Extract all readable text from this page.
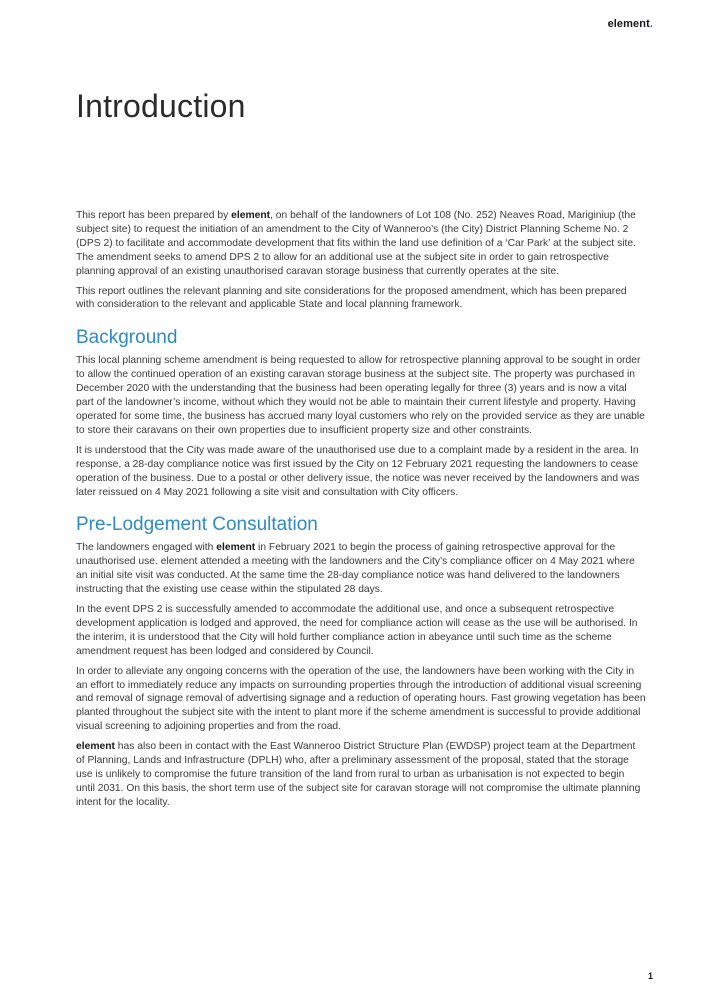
element.
Introduction

This report has been prepared by element, on behalf of the landowners of Lot 108 (No. 252) Neaves Road, Mariginiup (the subject site) to request the initiation of an amendment to the City of Wanneroo’s (the City) District Planning Scheme No. 2 (DPS 2) to facilitate and accommodate development that fits within the land use definition of a ‘Car Park’ at the subject site. The amendment seeks to amend DPS 2 to allow for an additional use at the subject site in order to gain retrospective planning approval of an existing unauthorised caravan storage business that currently operates at the site.

This report outlines the relevant planning and site considerations for the proposed amendment, which has been prepared with consideration to the relevant and applicable State and local planning framework.

Background

This local planning scheme amendment is being requested to allow for retrospective planning approval to be sought in order to allow the continued operation of an existing caravan storage business at the subject site. The property was purchased in December 2020 with the understanding that the business had been operating legally for three (3) years and is now a vital part of the landowner’s income, without which they would not be able to maintain their current lifestyle and property. Having operated for some time, the business has accrued many loyal customers who rely on the provided service as they are unable to store their caravans on their own properties due to insufficient property size and other constraints.

It is understood that the City was made aware of the unauthorised use due to a complaint made by a resident in the area. In response, a 28-day compliance notice was first issued by the City on 12 February 2021 requesting the landowners to cease operation of the business. Due to a postal or other delivery issue, the notice was never received by the landowners and was later reissued on 4 May 2021 following a site visit and consultation with City officers.

Pre-Lodgement Consultation

The landowners engaged with element in February 2021 to begin the process of gaining retrospective approval for the unauthorised use. element attended a meeting with the landowners and the City’s compliance officer on 4 May 2021 where an initial site visit was conducted. At the same time the 28-day compliance notice was hand delivered to the landowners instructing that the existing use cease within the stipulated 28 days.

In the event DPS 2 is successfully amended to accommodate the additional use, and once a subsequent retrospective development application is lodged and approved, the need for compliance action will cease as the use will be authorised. In the interim, it is understood that the City will hold further compliance action in abeyance until such time as the scheme amendment request has been lodged and considered by Council.

In order to alleviate any ongoing concerns with the operation of the use, the landowners have been working with the City in an effort to immediately reduce any impacts on surrounding properties through the introduction of additional visual screening and removal of signage removal of advertising signage and a reduction of operating hours. Fast growing vegetation has been planted throughout the subject site with the intent to plant more if the scheme amendment is successful to provide additional visual screening to adjoining properties and from the road.

element has also been in contact with the East Wanneroo District Structure Plan (EWDSP) project team at the Department of Planning, Lands and Infrastructure (DPLH) who, after a preliminary assessment of the proposal, stated that the storage use is unlikely to compromise the future transition of the land from rural to urban as urbanisation is not expected to begin until 2031. On this basis, the short term use of the subject site for caravan storage will not compromise the ultimate planning intent for the locality.

1
